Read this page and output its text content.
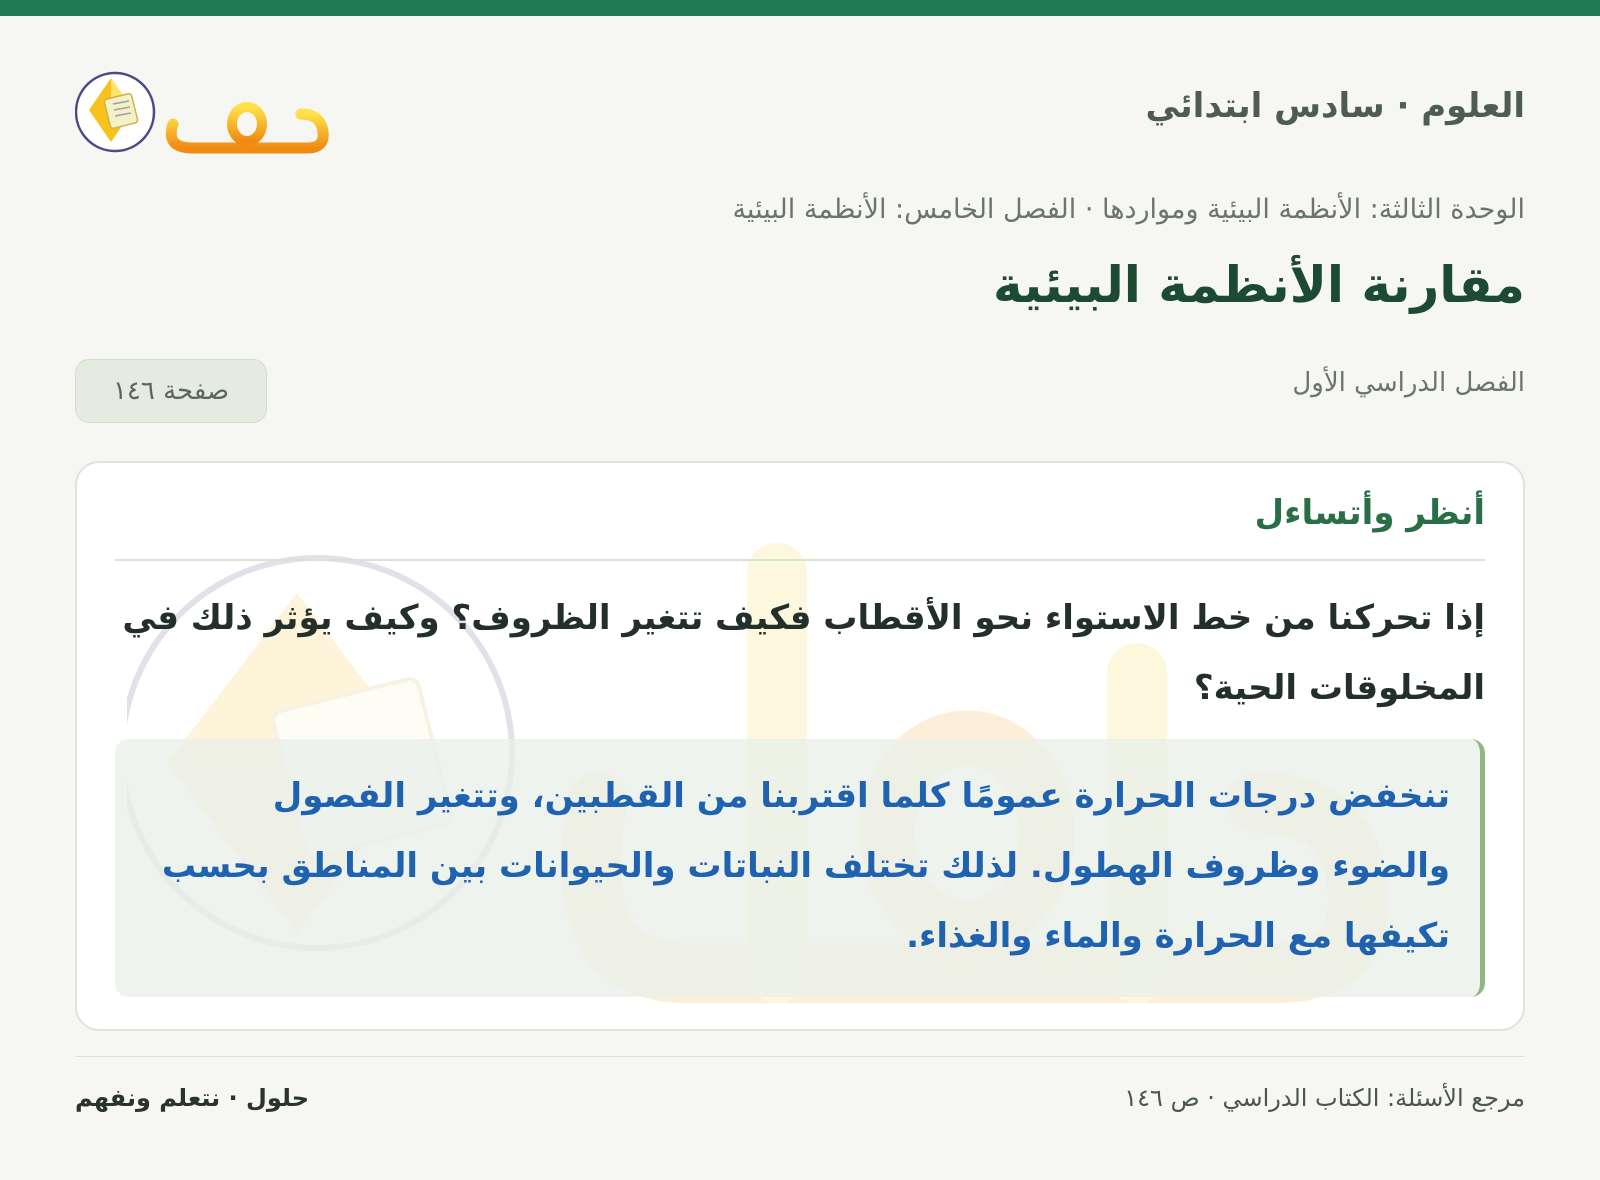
العلوم · سادس ابتدائي
الوحدة الثالثة: الأنظمة البيئية ومواردها · الفصل الخامس: الأنظمة البيئية
مقارنة الأنظمة البيئية
الفصل الدراسي الأول
صفحة ١٤٦
أنظر وأتساءل

إذا تحركنا من خط الاستواء نحو الأقطاب فكيف تتغير الظروف؟ وكيف يؤثر ذلك في المخلوقات الحية؟

تنخفض درجات الحرارة عمومًا كلما اقتربنا من القطبين، وتتغير الفصول والضوء وظروف الهطول. لذلك تختلف النباتات والحيوانات بين المناطق بحسب تكيفها مع الحرارة والماء والغذاء.

مرجع الأسئلة: الكتاب الدراسي · ص ١٤٦
حلول · نتعلم ونفهم
